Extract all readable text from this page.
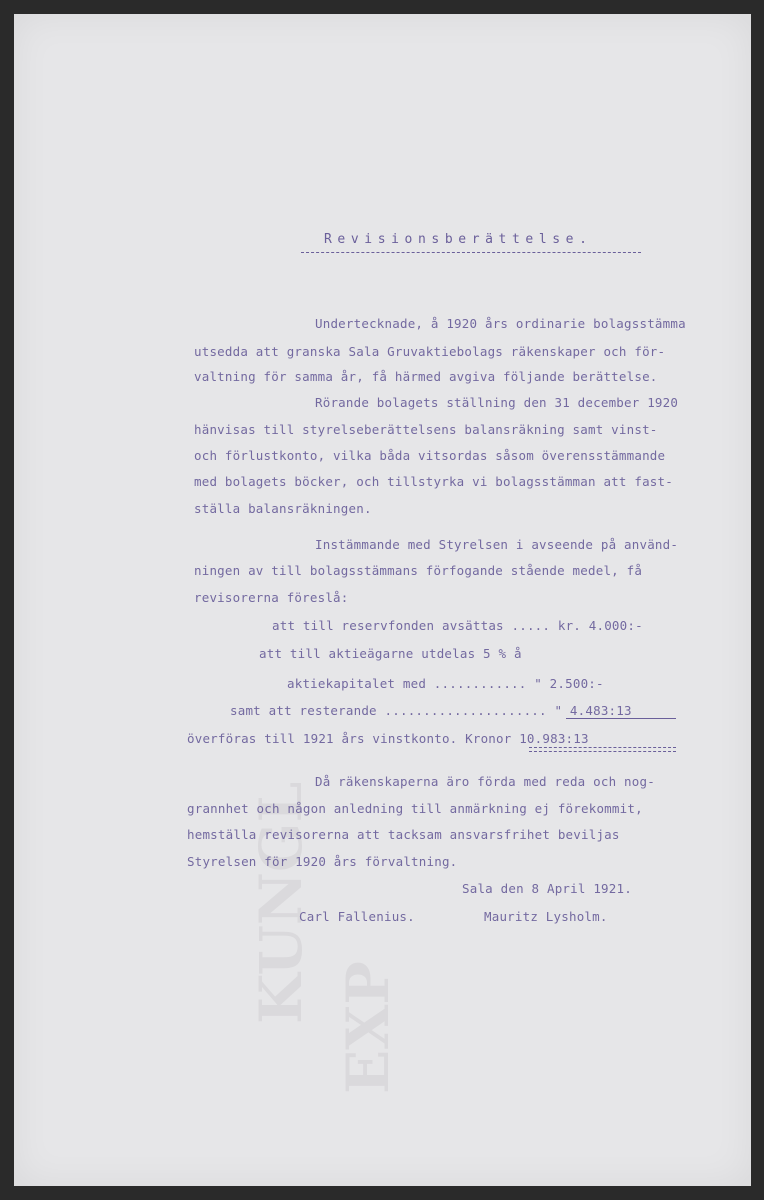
KUNGL
EXP
Revisionsberättelse.
Undertecknade, å 1920 års ordinarie bolagsstämma
utsedda att granska Sala Gruvaktiebolags räkenskaper och för-
valtning för samma år, få härmed avgiva följande berättelse.
Rörande bolagets ställning den 31 december 1920
hänvisas till styrelseberättelsens balansräkning samt vinst-
och förlustkonto, vilka båda vitsordas såsom överensstämmande
med bolagets böcker, och tillstyrka vi bolagsstämman att fast-
ställa balansräkningen.
Instämmande med Styrelsen i avseende på använd-
ningen av till bolagsstämmans förfogande stående medel, få
revisorerna föreslå:
att till reservfonden avsättas ..... kr. 4.000:-
att till aktieägarne utdelas 5 % å
aktiekapitalet med ............ " 2.500:-
samt att resterande ..................... " 4.483:13
överföras till 1921 års vinstkonto. Kronor 10.983:13
Då räkenskaperna äro förda med reda och nog-
grannhet och någon anledning till anmärkning ej förekommit,
hemställa revisorerna att tacksam ansvarsfrihet beviljas
Styrelsen för 1920 års förvaltning.
Sala den 8 April 1921.
Carl Fallenius.	Mauritz Lysholm.
